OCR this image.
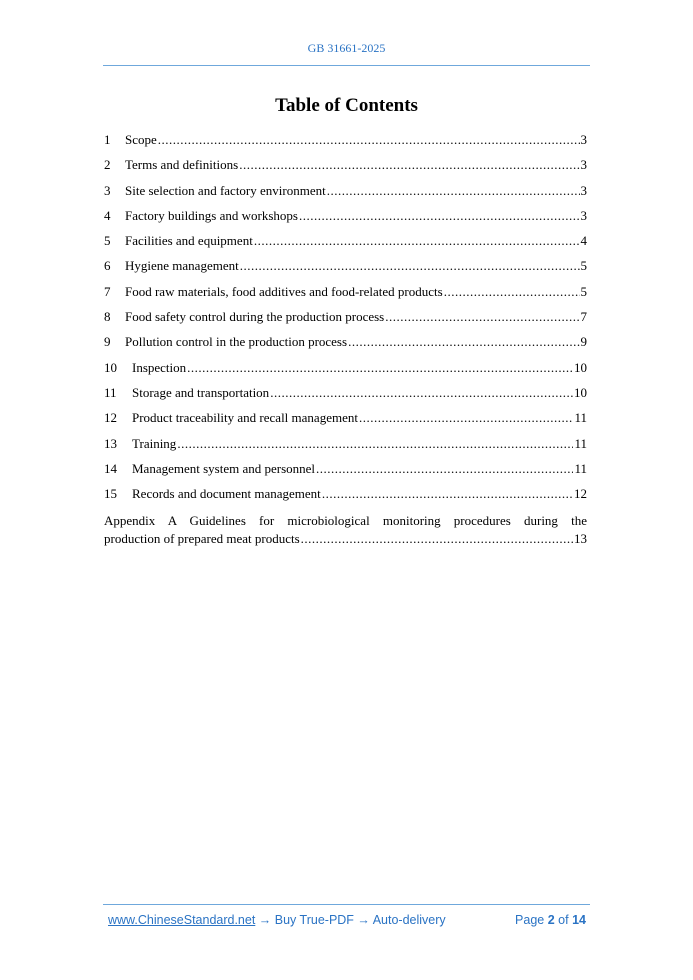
GB 31661-2025
Table of Contents
1	Scope .....	3
2	Terms and definitions .....	3
3	Site selection and factory environment .....	3
4	Factory buildings and workshops .....	3
5	Facilities and equipment .....	4
6	Hygiene management .....	5
7	Food raw materials, food additives and food-related products .....	5
8	Food safety control during the production process .....	7
9	Pollution control in the production process .....	9
10	Inspection .....	10
11	Storage and transportation .....	10
12	Product traceability and recall management .....	11
13	Training .....	11
14	Management system and personnel .....	11
15	Records and document management .....	12
Appendix A Guidelines for microbiological monitoring procedures during the
production of prepared meat products .....	13
www.ChineseStandard.net → Buy True-PDF → Auto-delivery	Page 2 of 14
